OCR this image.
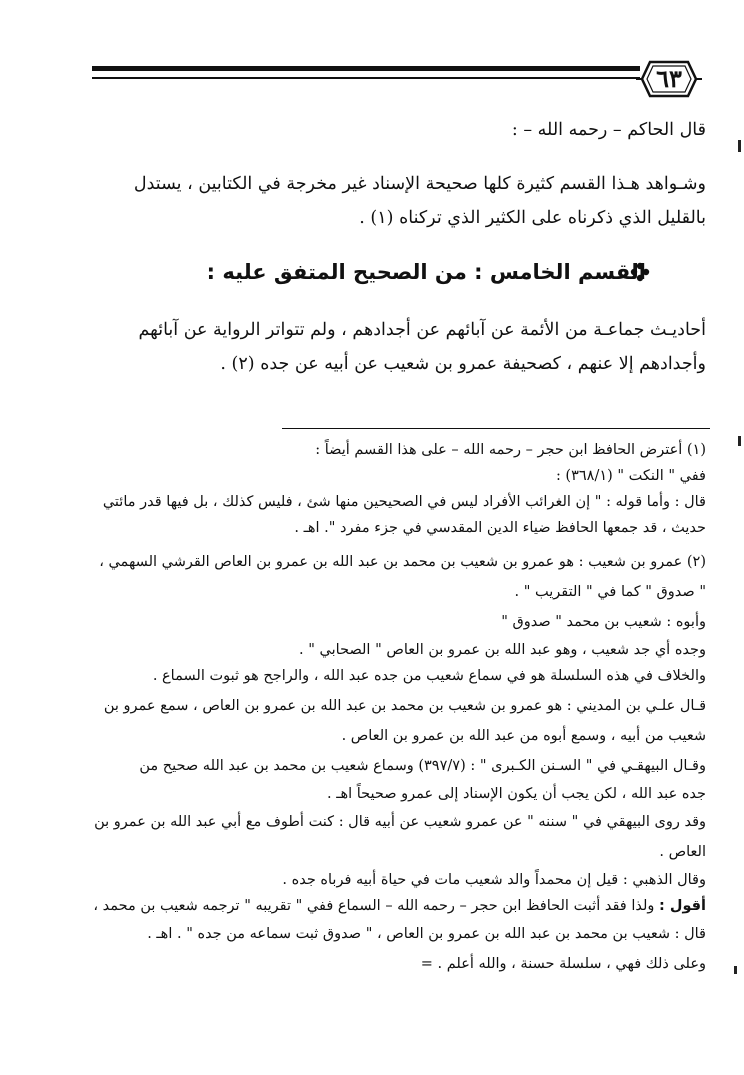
٦٣
قال الحاكم – رحمه الله – :
وشـواهد هـذا القسم كثيرة كلها صحيحة الإسناد غير مخرجة في الكتابين ، يستدل
بالقليل الذي ذكرناه على الكثير الذي تركناه (١) .
القسم الخامس : من الصحيح المتفق عليه :
أحاديـث جماعـة من الأئمة عن آبائهم عن أجدادهم ، ولم تتواتر الرواية عن آبائهم
وأجدادهم إلا عنهم ، كصحيفة عمرو بن شعيب عن أبيه عن جده (٢) .
(١) أعترض الحافظ ابن حجر – رحمه الله – على هذا القسم أيضاً :
ففي " النكت " (٣٦٨/١) :
قال : وأما قوله : " إن الغرائب الأفراد ليس في الصحيحين منها شئ ، فليس كذلك ، بل فيها قدر مائتي
حديث ، قد جمعها الحافظ ضياء الدين المقدسي في جزء مفرد ". اهـ .
(٢) عمرو بن شعيب : هو عمرو بن شعيب بن محمد بن عبد الله بن عمرو بن العاص القرشي السهمي ،
" صدوق " كما في " التقريب " .
وأبوه : شعيب بن محمد " صدوق "
وجده أي جد شعيب ، وهو عبد الله بن عمرو بن العاص " الصحابي " .
والخلاف في هذه السلسلة هو في سماع شعيب من جده عبد الله ، والراجح هو ثبوت السماع .
قـال علـي بن المديني : هو عمرو بن شعيب بن محمد بن عبد الله بن عمرو بن العاص ، سمع عمرو بن
شعيب من أبيه ، وسمع أبوه من عبد الله بن عمرو بن العاص .
وقـال البيهقـي في " السـنن الكـبرى " : (٣٩٧/٧) وسماع شعيب بن محمد بن عبد الله صحيح من
جده عبد الله ، لكن يجب أن يكون الإسناد إلى عمرو صحيحاً اهـ .
وقد روى البيهقي في " سننه " عن عمرو شعيب عن أبيه قال : كنت أطوف مع أبي عبد الله بن عمرو بن
العاص .
وقال الذهبي : قيل إن محمداً والد شعيب مات في حياة أبيه فرباه جده .
أقول : ولذا فقد أثبت الحافظ ابن حجر – رحمه الله – السماع ففي " تقريبه " ترجمه شعيب بن محمد ،
قال : شعيب بن محمد بن عبد الله بن عمرو بن العاص ، " صدوق ثبت سماعه من جده " . اهـ .
وعلى ذلك فهي ، سلسلة حسنة ، والله أعلم . =
